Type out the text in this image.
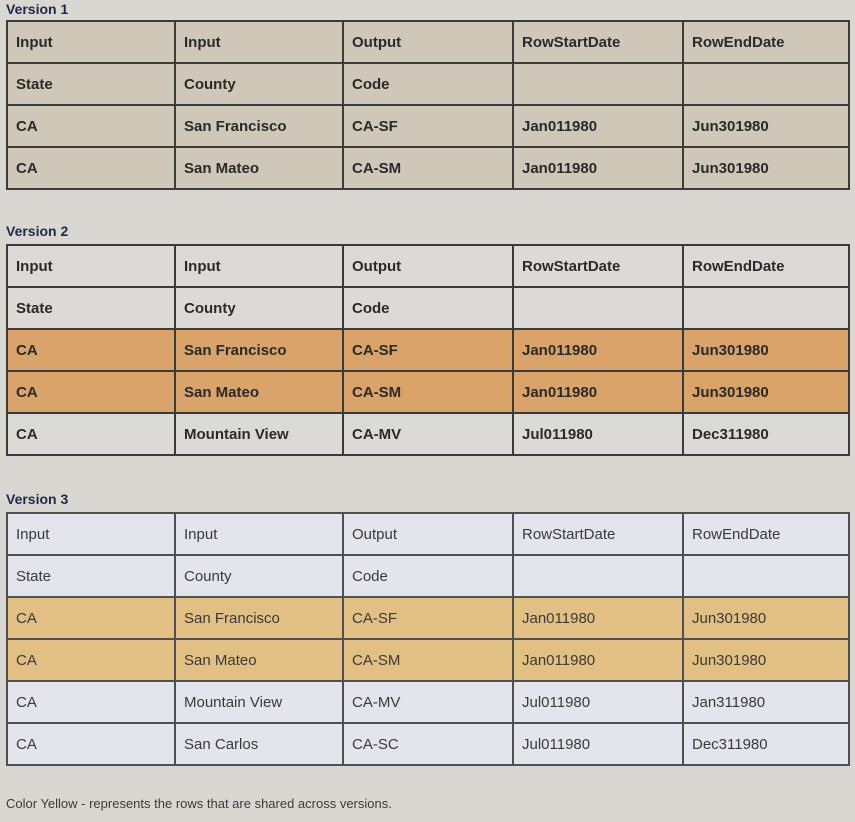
Version 1
Input	Input	Output	RowStartDate	RowEndDate
State	County	Code		
CA	San Francisco	CA-SF	Jan011980	Jun301980
CA	San Mateo	CA-SM	Jan011980	Jun301980
Version 2
Input	Input	Output	RowStartDate	RowEndDate
State	County	Code		
CA	San Francisco	CA-SF	Jan011980	Jun301980
CA	San Mateo	CA-SM	Jan011980	Jun301980
CA	Mountain View	CA-MV	Jul011980	Dec311980
Version 3
Input	Input	Output	RowStartDate	RowEndDate
State	County	Code		
CA	San Francisco	CA-SF	Jan011980	Jun301980
CA	San Mateo	CA-SM	Jan011980	Jun301980
CA	Mountain View	CA-MV	Jul011980	Jan311980
CA	San Carlos	CA-SC	Jul011980	Dec311980
Color Yellow - represents the rows that are shared across versions.
